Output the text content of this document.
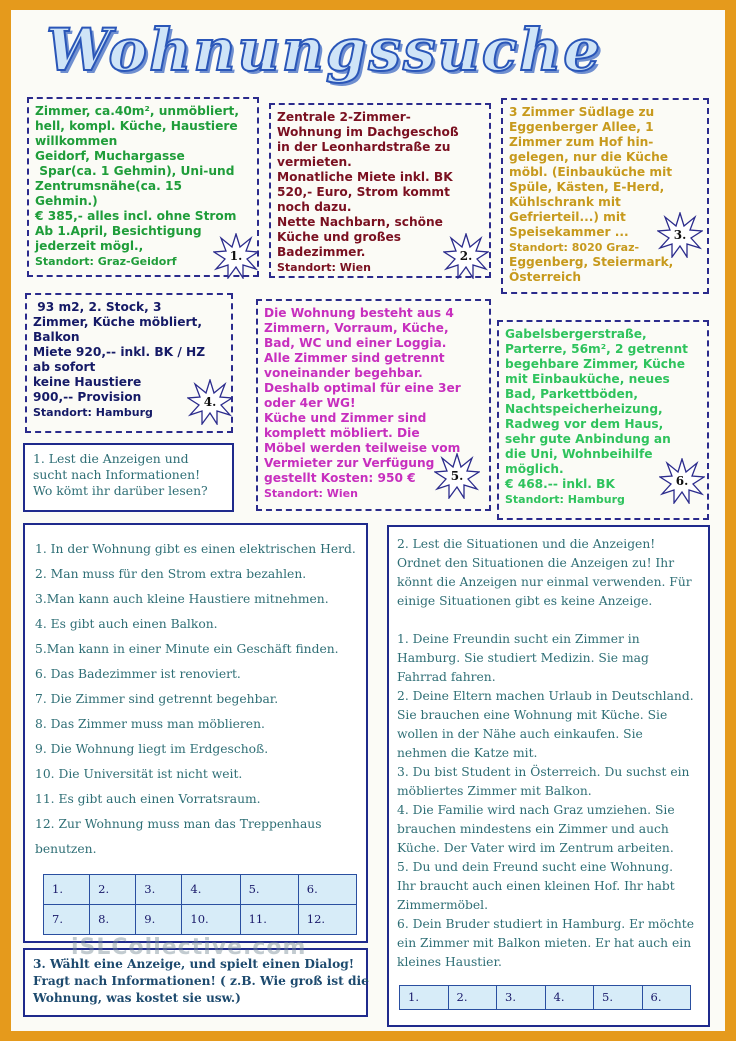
Wohnungssuche
Zimmer, ca.40m², unmöbliert,
hell, kompl. Küche, Haustiere
willkommen
Geidorf, Muchargasse
Spar(ca. 1 Gehmin), Uni-und
Zentrumsnähe(ca. 15
Gehmin.)
€ 385,- alles incl. ohne Strom
Ab 1.April, Besichtigung
jederzeit mögl.,
Standort: Graz-Geidorf	1.
Zentrale 2-Zimmer-
Wohnung im Dachgeschoß
in der Leonhardstraße zu
vermieten.
Monatliche Miete inkl. BK
520,- Euro, Strom kommt
noch dazu.
Nette Nachbarn, schöne
Küche und großes
Badezimmer.
Standort: Wien
2.
3 Zimmer Südlage zu
Eggenberger Allee, 1
Zimmer zum Hof hin-
gelegen, nur die Küche
möbl. (Einbauküche mit
Spüle, Kästen, E-Herd,
Kühlschrank mit
Gefrierteil...) mit
Speisekammer ...
Standort: 8020 Graz-
Eggenberg, Steiermark,
Österreich
3.
93 m2, 2. Stock, 3
Zimmer, Küche möbliert,
Balkon
Miete 920,-- inkl. BK / HZ
ab sofort
keine Haustiere
900,-- Provision
Standort: Hamburg
4.
Die Wohnung besteht aus 4
Zimmern, Vorraum, Küche,
Bad, WC und einer Loggia.
Alle Zimmer sind getrennt
voneinander begehbar.
Deshalb optimal für eine 3er
oder 4er WG!
Küche und Zimmer sind
komplett möbliert. Die
Möbel werden teilweise vom
Vermieter zur Verfügung
gestellt Kosten: 950 €
Standort: Wien
5.
Gabelsbergerstraße,
Parterre, 56m², 2 getrennt
begehbare Zimmer, Küche
mit Einbauküche, neues
Bad, Parkettböden,
Nachtspeicherheizung,
Radweg vor dem Haus,
sehr gute Anbindung an
die Uni, Wohnbeihilfe
möglich.
€ 468.-- inkl. BK
Standort: Hamburg
6.
1. Lest die Anzeigen und
sucht nach Informationen!
Wo kömt ihr darüber lesen?
1. In der Wohnung gibt es einen elektrischen Herd.
2. Man muss für den Strom extra bezahlen.
3.Man kann auch kleine Haustiere mitnehmen.
4. Es gibt auch einen Balkon.
5.Man kann in einer Minute ein Geschäft finden.
6. Das Badezimmer ist renoviert.
7. Die Zimmer sind getrennt begehbar.
8. Das Zimmer muss man möblieren.
9. Die Wohnung liegt im Erdgeschoß.
10. Die Universität ist nicht weit.
11. Es gibt auch einen Vorratsraum.
12. Zur Wohnung muss man das Treppenhaus
benutzen.
1.	2.	3.	4.	5.	6.
7.	8.	9.	10.	11.	12.
2. Lest die Situationen und die Anzeigen!
Ordnet den Situationen die Anzeigen zu! Ihr
könnt die Anzeigen nur einmal verwenden. Für
einige Situationen gibt es keine Anzeige.
1. Deine Freundin sucht ein Zimmer in
Hamburg. Sie studiert Medizin. Sie mag
Fahrrad fahren.
2. Deine Eltern machen Urlaub in Deutschland.
Sie brauchen eine Wohnung mit Küche. Sie
wollen in der Nähe auch einkaufen. Sie
nehmen die Katze mit.
3. Du bist Student in Österreich. Du suchst ein
möbliertes Zimmer mit Balkon.
4. Die Familie wird nach Graz umziehen. Sie
brauchen mindestens ein Zimmer und auch
Küche. Der Vater wird im Zentrum arbeiten.
5. Du und dein Freund sucht eine Wohnung.
Ihr braucht auch einen kleinen Hof. Ihr habt
Zimmermöbel.
6. Dein Bruder studiert in Hamburg. Er möchte
ein Zimmer mit Balkon mieten. Er hat auch ein
kleines Haustier.
1.	2.	3.	4.	5.	6.
3. Wählt eine Anzeige, und spielt einen Dialog!
Fragt nach Informationen! ( z.B. Wie groß ist die
Wohnung, was kostet sie usw.)
iSLCollective.com
